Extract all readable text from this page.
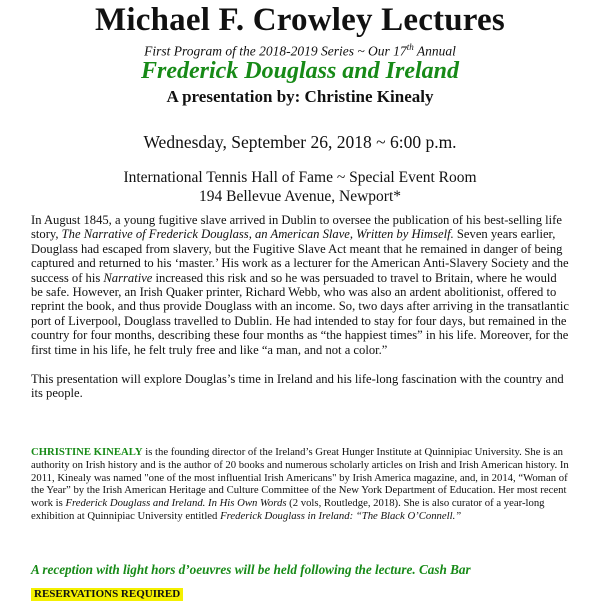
Michael F. Crowley Lectures
First Program of the 2018-2019 Series ~ Our 17th Annual
Frederick Douglass and Ireland
A presentation by: Christine Kinealy
Wednesday, September 26, 2018 ~ 6:00 p.m.
International Tennis Hall of Fame ~ Special Event Room
194 Bellevue Avenue, Newport*

In August 1845, a young fugitive slave arrived in Dublin to oversee the publication of his best-selling life story, The Narrative of Frederick Douglass, an American Slave, Written by Himself. Seven years earlier, Douglass had escaped from slavery, but the Fugitive Slave Act meant that he remained in danger of being captured and returned to his ‘master.’ His work as a lecturer for the American Anti-Slavery Society and the success of his Narrative increased this risk and so he was persuaded to travel to Britain, where he would be safe. However, an Irish Quaker printer, Richard Webb, who was also an ardent abolitionist, offered to reprint the book, and thus provide Douglass with an income. So, two days after arriving in the transatlantic port of Liverpool, Douglass travelled to Dublin. He had intended to stay for four days, but remained in the country for four months, describing these four months as “the happiest times” in his life. Moreover, for the first time in his life, he felt truly free and like “a man, and not a color.”

This presentation will explore Douglas’s time in Ireland and his life-long fascination with the country and its people.

CHRISTINE KINEALY is the founding director of the Ireland’s Great Hunger Institute at Quinnipiac University. She is an authority on Irish history and is the author of 20 books and numerous scholarly articles on Irish and Irish American history. In 2011, Kinealy was named "one of the most influential Irish Americans" by Irish America magazine, and, in 2014, “Woman of the Year” by the Irish American Heritage and Culture Committee of the New York Department of Education. Her most recent work is Frederick Douglass and Ireland. In His Own Words (2 vols, Routledge, 2018). She is also curator of a year-long exhibition at Quinnipiac University entitled Frederick Douglass in Ireland: “The Black O’Connell.”
A reception with light hors d’oeuvres will be held following the lecture. Cash Bar
RESERVATIONS REQUIRED
